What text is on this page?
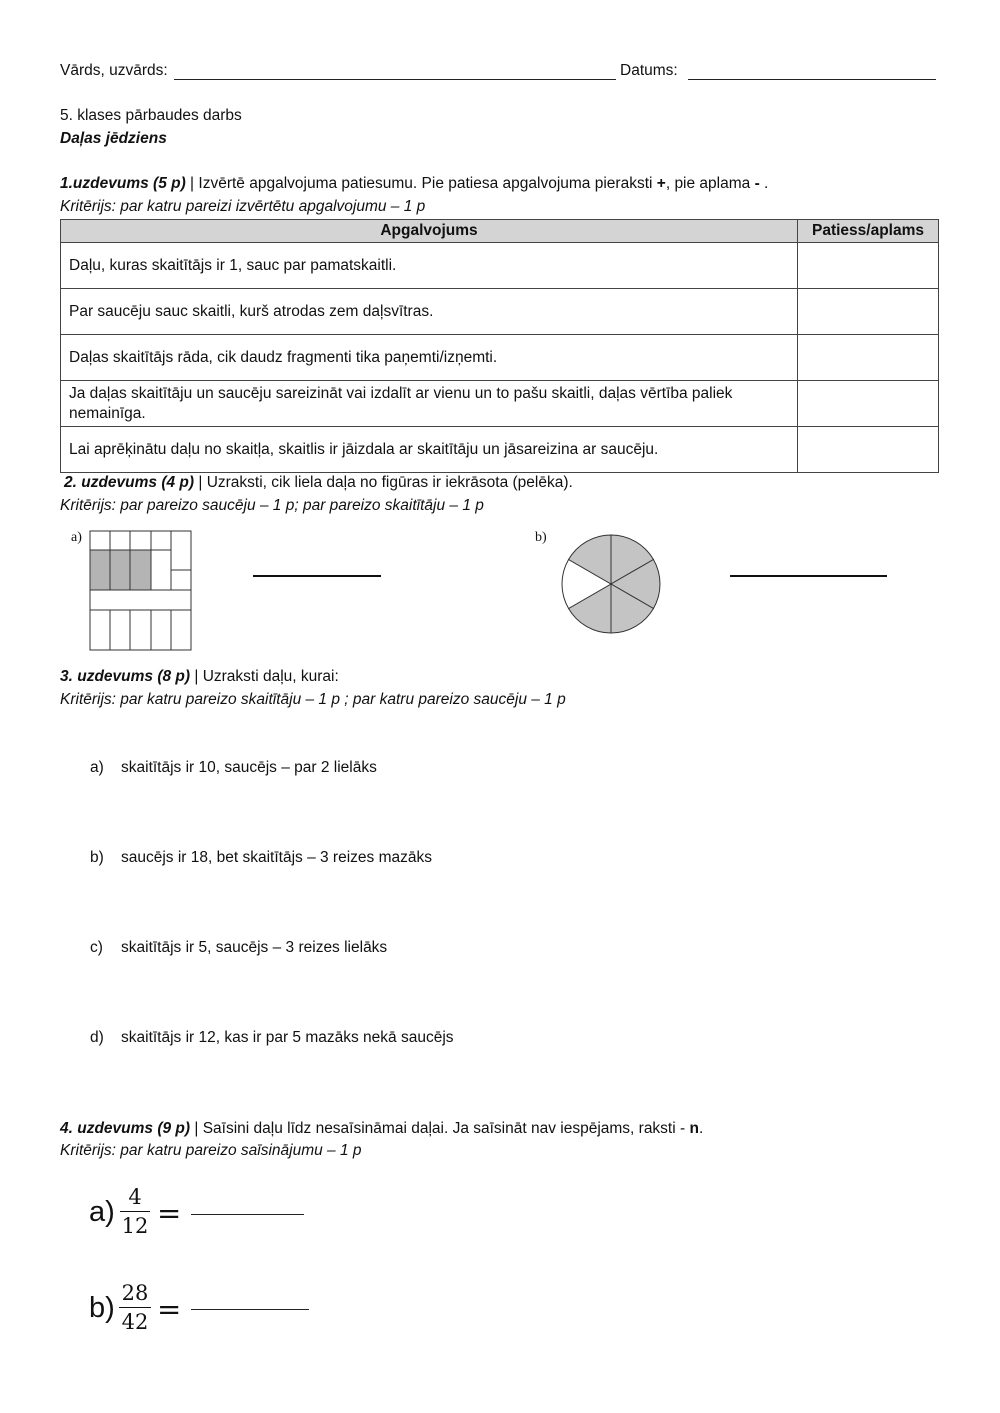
Vārds, uzvārds:	Datums:
5. klases pārbaudes darbs
Daļas jēdziens
1.uzdevums (5 p) | Izvērtē apgalvojuma patiesumu. Pie patiesa apgalvojuma pieraksti +, pie aplama - .
Kritērijs: par katru pareizi izvērtētu apgalvojumu – 1 p
Apgalvojums	Patiess/aplams
Daļu, kuras skaitītājs ir 1, sauc par pamatskaitli.	
Par saucēju sauc skaitli, kurš atrodas zem daļsvītras.	
Daļas skaitītājs rāda, cik daudz fragmenti tika paņemti/izņemti.	
Ja daļas skaitītāju un saucēju sareizināt vai izdalīt ar vienu un to pašu skaitli, daļas vērtība paliek nemainīga.	
Lai aprēķinātu daļu no skaitļa, skaitlis ir jāizdala ar skaitītāju un jāsareizina ar saucēju.	
2. uzdevums (4 p) | Uzraksti, cik liela daļa no figūras ir iekrāsota (pelēka).
Kritērijs: par pareizo saucēju – 1 p; par pareizo skaitītāju – 1 p
a)	b)
3. uzdevums (8 p) | Uzraksti daļu, kurai:
Kritērijs: par katru pareizo skaitītāju – 1 p ; par katru pareizo saucēju – 1 p
a) skaitītājs ir 10, saucējs – par 2 lielāks
b) saucējs ir 18, bet skaitītājs – 3 reizes mazāks
c) skaitītājs ir 5, saucējs – 3 reizes lielāks
d) skaitītājs ir 12, kas ir par 5 mazāks nekā saucējs
4. uzdevums (9 p) | Saīsini daļu līdz nesaīsināmai daļai. Ja saīsināt nav iespējams, raksti - n.
Kritērijs: par katru pareizo saīsinājumu – 1 p
a) 4
12 =
b) 28
42 =
